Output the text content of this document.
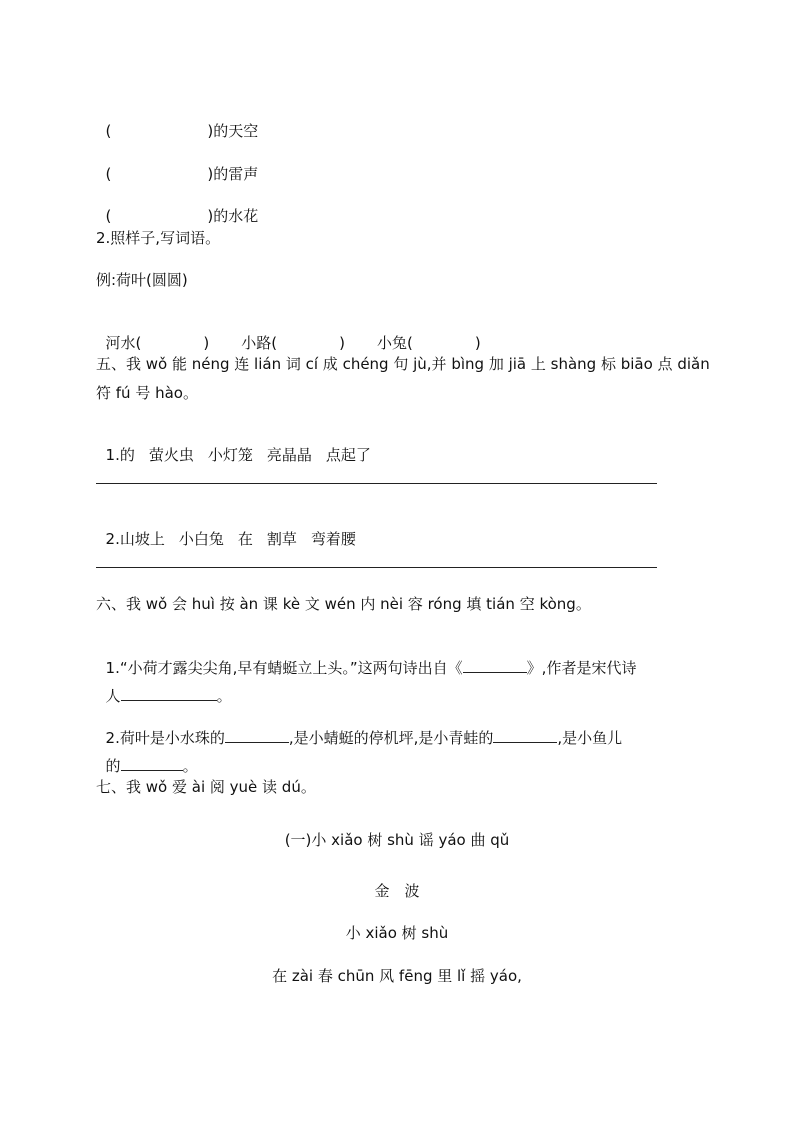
(	)的天空

(	)的雷声

(	)的水花

2.照样子,写词语。
例:荷叶(圆圆)

河水(	) 小路(	) 小兔(	)

五、我 wǒ 能 néng 连 lián 词 cí 成 chéng 句 jù,并 bìng 加 jiā 上 shàng 标 biāo 点 diǎn
符 fú 号 hào。

1.的 萤火虫 小灯笼 亮晶晶 点起了

2.山坡上 小白兔 在 割草 弯着腰

六、我 wǒ 会 huì 按 àn 课 kè 文 wén 内 nèi 容 róng 填 tián 空 kòng。

1.“小荷才露尖尖角,早有蜻蜓立上头。”这两句诗出自《	》,作者是宋代诗

人	。

2.荷叶是小水珠的	,是小蜻蜓的停机坪,是小青蛙的	,是小鱼儿

的	。

七、我 wǒ 爱 ài 阅 yuè 读 dú。
(一)小 xiǎo 树 shù 谣 yáo 曲 qǔ
金　波
小 xiǎo 树 shù
在 zài 春 chūn 风 fēng 里 lǐ 摇 yáo,
